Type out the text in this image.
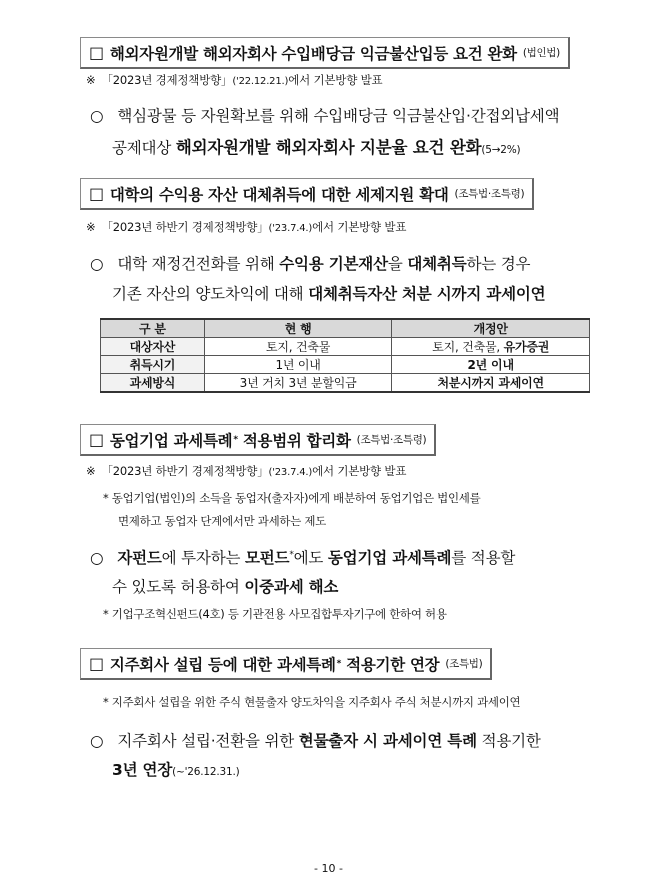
□ 해외자원개발 해외자회사 수입배당금 익금불산입등 요건 완화 (법인법)
※ 「2023년 경제정책방향」('22.12.21.)에서 기본방향 발표
○ 핵심광물 등 자원확보를 위해 수입배당금 익금불산입‧간접외납세액
공제대상 해외자원개발 해외자회사 지분율 요건 완화(5→2%)
□ 대학의 수익용 자산 대체취득에 대한 세제지원 확대 (조특법‧조특령)
※ 「2023년 하반기 경제정책방향」('23.7.4.)에서 기본방향 발표
○ 대학 재정건전화를 위해 수익용 기본재산을 대체취득하는 경우
기존 자산의 양도차익에 대해 대체취득자산 처분 시까지 과세이연
구 분	현 행	개정안
대상자산	토지, 건축물	토지, 건축물, 유가증권
취득시기	1년 이내	2년 이내
과세방식	3년 거치 3년 분할익금	처분시까지 과세이연
□ 동업기업 과세특례 *
적용범위 합리화 (조특법‧조특령)
※ 「2023년 하반기 경제정책방향」('23.7.4.)에서 기본방향 발표
* 동업기업(법인)의 소득을 동업자(출자자)에게 배분하여 동업기업은 법인세를
면제하고 동업자 단계에서만 과세하는 제도
○ 자펀드에 투자하는 모펀드*에도 동업기업 과세특례를 적용할
수 있도록 허용하여 이중과세 해소
* 기업구조혁신펀드(4호) 등 기관전용 사모집합투자기구에 한하여 허용
□ 지주회사 설립 등에 대한 과세특례 *
적용기한 연장 (조특법)
* 지주회사 설립을 위한 주식 현물출자 양도차익을 지주회사 주식 처분시까지 과세이연
○ 지주회사 설립‧전환을 위한 현물출자 시 과세이연 특례 적용기한
3년 연장(~'26.12.31.)
- 10 -
